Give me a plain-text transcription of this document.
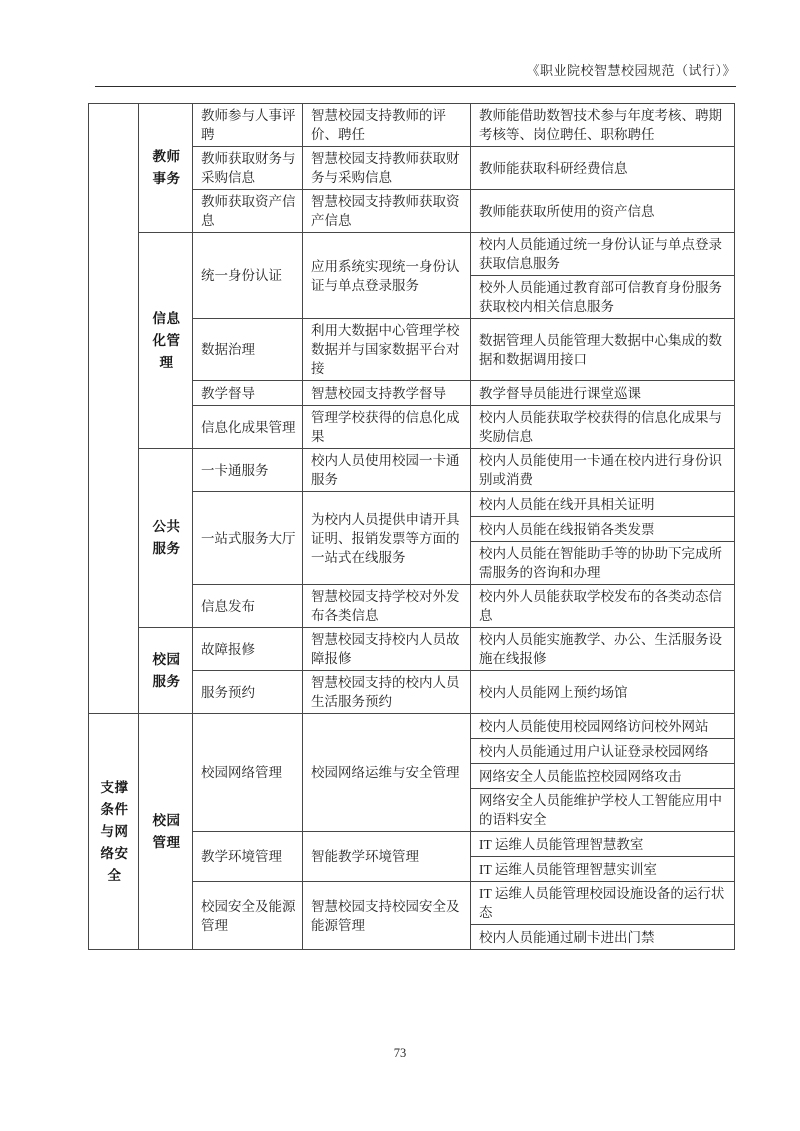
《职业院校智慧校园规范（试行）》

	教师事务	教师参与人事评聘	智慧校园支持教师的评价、聘任	教师能借助数智技术参与年度考核、聘期考核等、岗位聘任、职称聘任
		教师获取财务与采购信息	智慧校园支持教师获取财务与采购信息	教师能获取科研经费信息
		教师获取资产信息	智慧校园支持教师获取资产信息	教师能获取所使用的资产信息

	信息化管理	统一身份认证	应用系统实现统一身份认证与单点登录服务	校内人员能通过统一身份认证与单点登录获取信息服务
				校外人员能通过教育部可信教育身份服务获取校内相关信息服务
		数据治理	利用大数据中心管理学校数据并与国家数据平台对接	数据管理人员能管理大数据中心集成的数据和数据调用接口
		教学督导	智慧校园支持教学督导	教学督导员能进行课堂巡课
		信息化成果管理	管理学校获得的信息化成果	校内人员能获取学校获得的信息化成果与奖励信息

	公共服务	一卡通服务	校内人员使用校园一卡通服务	校内人员能使用一卡通在校内进行身份识别或消费
		一站式服务大厅	为校内人员提供申请开具证明、报销发票等方面的一站式在线服务	校内人员能在线开具相关证明
				校内人员能在线报销各类发票
				校内人员能在智能助手等的协助下完成所需服务的咨询和办理
		信息发布	智慧校园支持学校对外发布各类信息	校内外人员能获取学校发布的各类动态信息

	校园服务	故障报修	智慧校园支持校内人员故障报修	校内人员能实施教学、办公、生活服务设施在线报修
		服务预约	智慧校园支持的校内人员生活服务预约	校内人员能网上预约场馆

支撑条件与网络安全	校园管理	校园网络管理	校园网络运维与安全管理	校内人员能使用校园网络访问校外网站
				校内人员能通过用户认证登录校园网络
				网络安全人员能监控校园网络攻击
				网络安全人员能维护学校人工智能应用中的语料安全
		教学环境管理	智能教学环境管理	IT 运维人员能管理智慧教室
				IT 运维人员能管理智慧实训室
		校园安全及能源管理	智慧校园支持校园安全及能源管理	IT 运维人员能管理校园设施设备的运行状态
				校内人员能通过刷卡进出门禁
73
